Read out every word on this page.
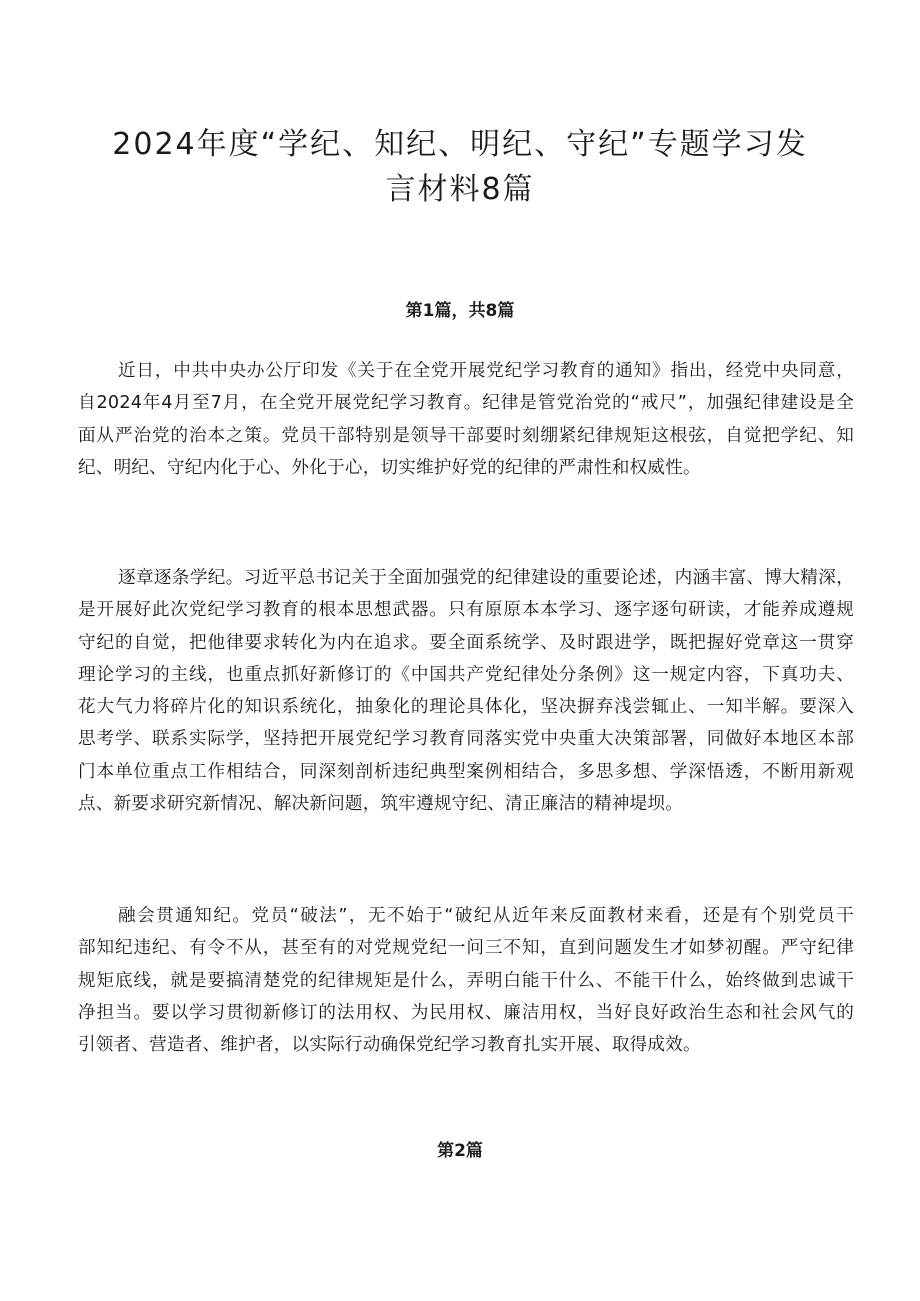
2024年度“学纪、知纪、明纪、守纪”专题学习发
言材料8篇
第1篇，共8篇

近日，中共中央办公厅印发《关于在全党开展党纪学习教育的通知》指出，经党中央同意，
自2024年4月至7月，在全党开展党纪学习教育。纪律是管党治党的“戒尺”，加强纪律建设是全
面从严治党的治本之策。党员干部特别是领导干部要时刻绷紧纪律规矩这根弦，自觉把学纪、知
纪、明纪、守纪内化于心、外化于心，切实维护好党的纪律的严肃性和权威性。

逐章逐条学纪。习近平总书记关于全面加强党的纪律建设的重要论述，内涵丰富、博大精深，
是开展好此次党纪学习教育的根本思想武器。只有原原本本学习、逐字逐句研读，才能养成遵规
守纪的自觉，把他律要求转化为内在追求。要全面系统学、及时跟进学，既把握好党章这一贯穿
理论学习的主线，也重点抓好新修订的《中国共产党纪律处分条例》这一规定内容，下真功夫、
花大气力将碎片化的知识系统化，抽象化的理论具体化，坚决摒弃浅尝辄止、一知半解。要深入
思考学、联系实际学，坚持把开展党纪学习教育同落实党中央重大决策部署，同做好本地区本部
门本单位重点工作相结合，同深刻剖析违纪典型案例相结合，多思多想、学深悟透，不断用新观
点、新要求研究新情况、解决新问题，筑牢遵规守纪、清正廉洁的精神堤坝。

融会贯通知纪。党员“破法”，无不始于“破纪从近年来反面教材来看，还是有个别党员干
部知纪违纪、有令不从，甚至有的对党规党纪一问三不知，直到问题发生才如梦初醒。严守纪律
规矩底线，就是要搞清楚党的纪律规矩是什么，弄明白能干什么、不能干什么，始终做到忠诚干
净担当。要以学习贯彻新修订的法用权、为民用权、廉洁用权，当好良好政治生态和社会风气的
引领者、营造者、维护者，以实际行动确保党纪学习教育扎实开展、取得成效。

第2篇
